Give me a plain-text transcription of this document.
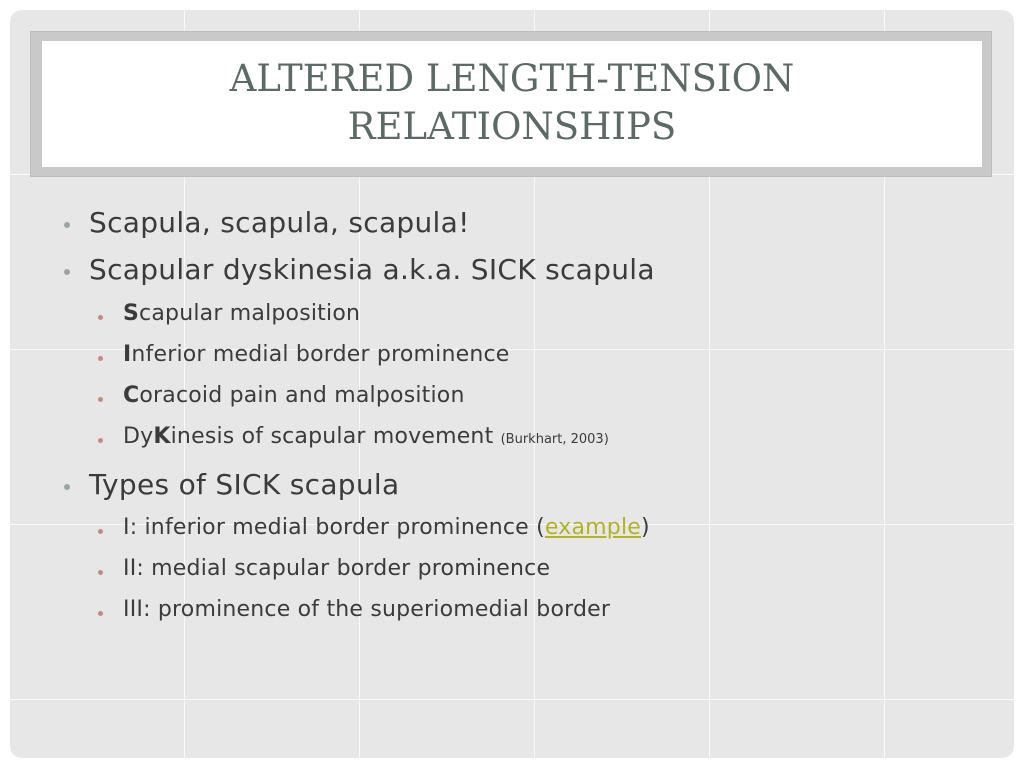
ALTERED LENGTH-TENSION
RELATIONSHIPS
Scapula, scapula, scapula!
Scapular dyskinesia a.k.a. SICK scapula
Scapular malposition
Inferior medial border prominence
Coracoid pain and malposition
DyKinesis of scapular movement (Burkhart, 2003)
Types of SICK scapula
I: inferior medial border prominence (example)
II: medial scapular border prominence
III: prominence of the superiomedial border
